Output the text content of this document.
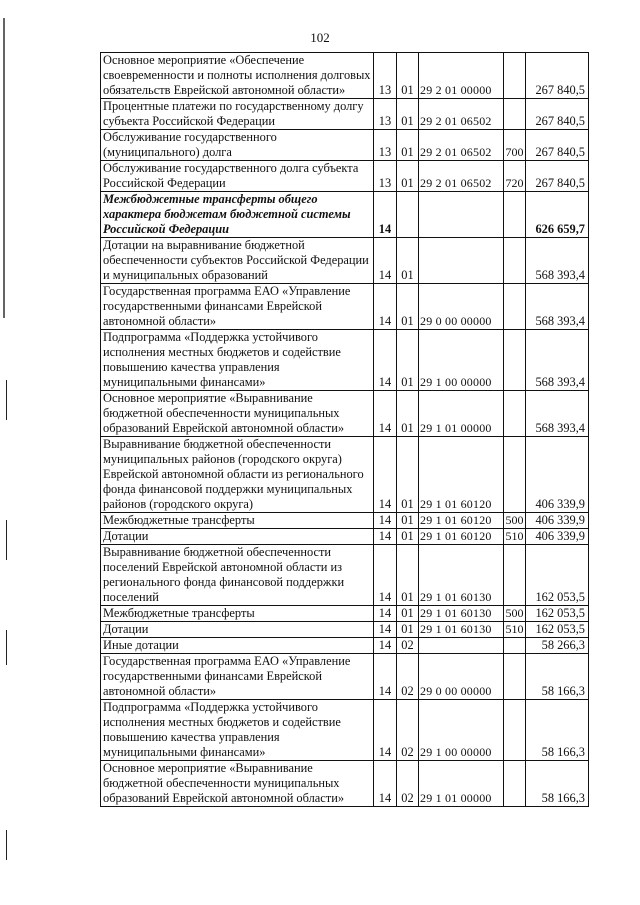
102
Основное мероприятие «Обеспечение своевременности и полноты исполнения долговых обязательств Еврейской автономной области»	13	01	29 2 01 00000		267 840,5
Процентные платежи по государственному долгу субъекта Российской Федерации	13	01	29 2 01 06502		267 840,5
Обслуживание государственного (муниципального) долга	13	01	29 2 01 06502	700	267 840,5
Обслуживание государственного долга субъекта Российской Федерации	13	01	29 2 01 06502	720	267 840,5
Межбюджетные трансферты общего характера бюджетам бюджетной системы Российской Федерации	14				626 659,7
Дотации на выравнивание бюджетной обеспеченности субъектов Российской Федерации и муниципальных образований	14	01			568 393,4
Государственная программа ЕАО «Управление государственными финансами Еврейской автономной области»	14	01	29 0 00 00000		568 393,4
Подпрограмма «Поддержка устойчивого исполнения местных бюджетов и содействие повышению качества управления муниципальными финансами»	14	01	29 1 00 00000		568 393,4
Основное мероприятие «Выравнивание бюджетной обеспеченности муниципальных образований Еврейской автономной области»	14	01	29 1 01 00000		568 393,4
Выравнивание бюджетной обеспеченности муниципальных районов (городского округа) Еврейской автономной области из регионального фонда финансовой поддержки муниципальных районов (городского округа)	14	01	29 1 01 60120		406 339,9
Межбюджетные трансферты	14	01	29 1 01 60120	500	406 339,9
Дотации	14	01	29 1 01 60120	510	406 339,9
Выравнивание бюджетной обеспеченности поселений Еврейской автономной области из регионального фонда финансовой поддержки поселений	14	01	29 1 01 60130		162 053,5
Межбюджетные трансферты	14	01	29 1 01 60130	500	162 053,5
Дотации	14	01	29 1 01 60130	510	162 053,5
Иные дотации	14	02			58 266,3
Государственная программа ЕАО «Управление государственными финансами Еврейской автономной области»	14	02	29 0 00 00000		58 166,3
Подпрограмма «Поддержка устойчивого исполнения местных бюджетов и содействие повышению качества управления муниципальными финансами»	14	02	29 1 00 00000		58 166,3
Основное мероприятие «Выравнивание бюджетной обеспеченности муниципальных образований Еврейской автономной области»	14	02	29 1 01 00000		58 166,3
